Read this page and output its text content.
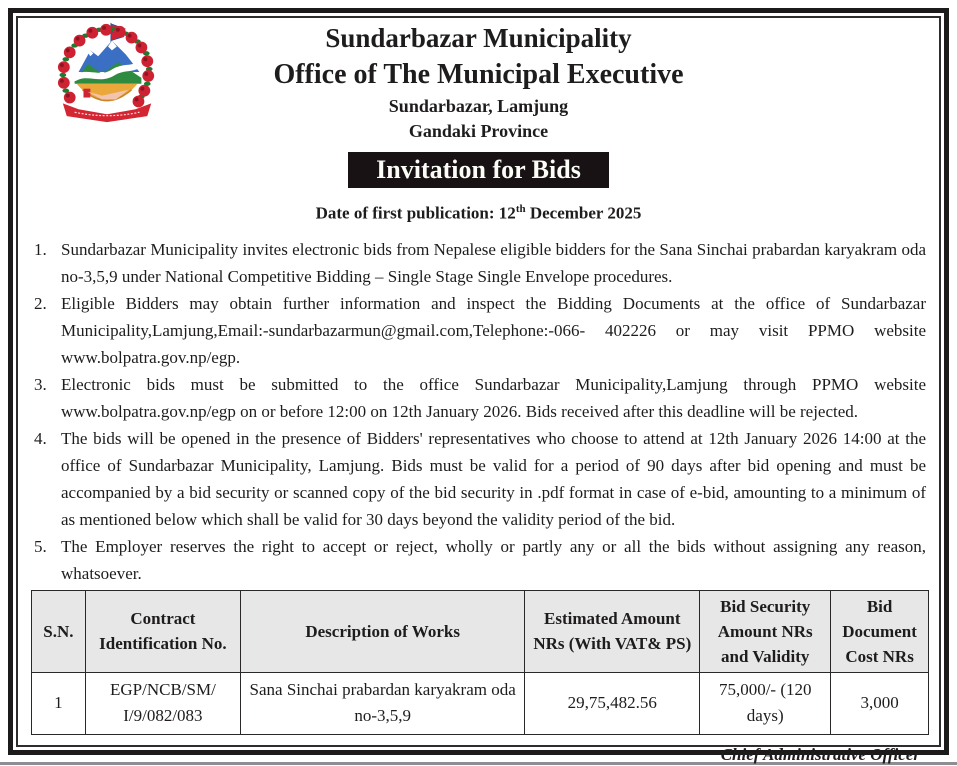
Sundarbazar Municipality
Office of The Municipal Executive
Sundarbazar, Lamjung
Gandaki Province
Invitation for Bids
Date of first publication: 12th December 2025
1. Sundarbazar Municipality invites electronic bids from Nepalese eligible bidders for the Sana Sinchai prabardan karyakram oda no-3,5,9 under National Competitive Bidding – Single Stage Single Envelope procedures.
2. Eligible Bidders may obtain further information and inspect the Bidding Documents at the office of Sundarbazar Municipality,Lamjung,Email:-sundarbazarmun@gmail.com,Telephone:-066- 402226 or may visit PPMO website www.bolpatra.gov.np/egp.
3. Electronic bids must be submitted to the office Sundarbazar Municipality,Lamjung through PPMO website www.bolpatra.gov.np/egp on or before 12:00 on 12th January 2026. Bids received after this deadline will be rejected.
4. The bids will be opened in the presence of Bidders' representatives who choose to attend at 12th January 2026 14:00 at the office of Sundarbazar Municipality, Lamjung. Bids must be valid for a period of 90 days after bid opening and must be accompanied by a bid security or scanned copy of the bid security in .pdf format in case of e-bid, amounting to a minimum of as mentioned below which shall be valid for 30 days beyond the validity period of the bid.
5. The Employer reserves the right to accept or reject, wholly or partly any or all the bids without assigning any reason, whatsoever.
S.N.	Contract Identification No.	Description of Works	Estimated Amount NRs (With VAT& PS)	Bid Security Amount NRs and Validity	Bid Document Cost NRs
1	EGP/NCB/SM/ I/9/082/083	Sana Sinchai prabardan karyakram oda no-3,5,9	29,75,482.56	75,000/- (120 days)	3,000
Chief Administrative Officer
